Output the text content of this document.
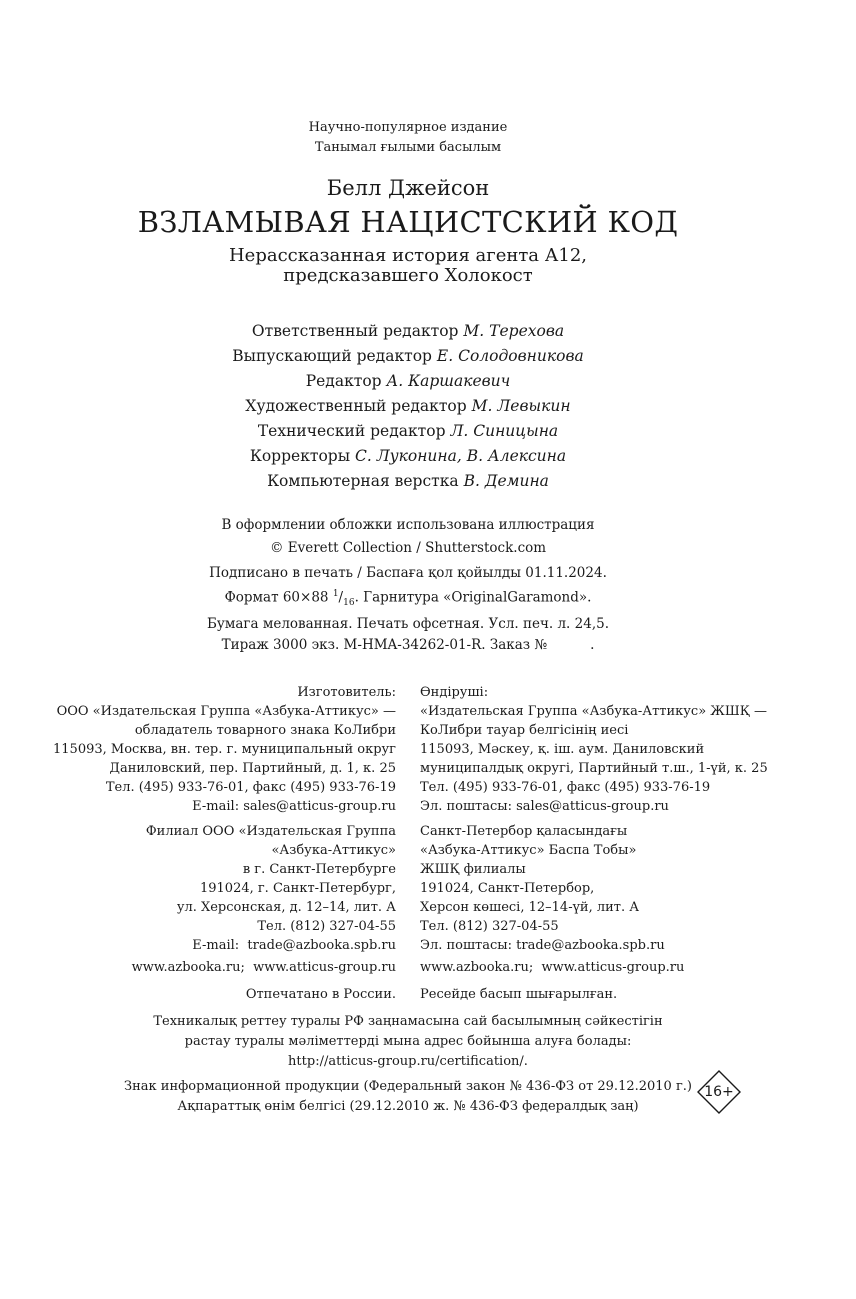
Научно-популярное издание
Танымал ғылыми басылым
Белл Джейсон
ВЗЛАМЫВАЯ НАЦИСТСКИЙ КОД
Нерассказанная история агента А12,
предсказавшего Холокост
Ответственный редактор М. Терехова
Выпускающий редактор Е. Солодовникова
Редактор А. Каршакевич
Художественный редактор М. Левыкин
Технический редактор Л. Синицына
Корректоры С. Луконина, В. Алексина
Компьютерная верстка В. Демина
В оформлении обложки использована иллюстрация
© Everett Collection / Shutterstock.com
Подписано в печать / Баспаға қол қойылды 01.11.2024.
Формат 60×88 $^1/_{16}$. Гарнитура «OriginalGaramond».
Бумага мелованная. Печать офсетная. Усл. печ. л. 24,5.
Тираж 3000 экз. M-HMA-34262-01-R. Заказ №          .
Изготовитель:
ООО «Издательская Группа «Азбука-Аттикус» —
обладатель товарного знака КоЛибри
115093, Москва, вн. тер. г. муниципальный округ
Даниловский, пер. Партийный, д. 1, к. 25
Тел. (495) 933-76-01, факс (495) 933-76-19
E-mail: sales@atticus-group.ru
Өндіруші:
«Издательская Группа «Азбука-Аттикус» ЖШҚ —
КоЛибри тауар белгісінің иесі
115093, Мәскеу, қ. іш. аум. Даниловский
муниципалдық округі, Партийный т.ш., 1-үй, к. 25
Тел. (495) 933-76-01, факс (495) 933-76-19
Эл. поштасы: sales@atticus-group.ru
Филиал ООО «Издательская Группа
«Азбука-Аттикус»
в г. Санкт-Петербурге
191024, г. Санкт-Петербург,
ул. Херсонская, д. 12–14, лит. А
Тел. (812) 327-04-55
E-mail:  trade@azbooka.spb.ru
Санкт-Петербор қаласындағы
«Азбука-Аттикус» Баспа Тобы»
ЖШҚ филиалы
191024, Санкт-Петербор,
Херсон көшесі, 12–14-үй, лит. А
Тел. (812) 327-04-55
Эл. поштасы: trade@azbooka.spb.ru
www.azbooka.ru;  www.atticus-group.ru www.azbooka.ru;  www.atticus-group.ru
Отпечатано в России. Ресейде басып шығарылған.
Техникалық реттеу туралы РФ заңнамасына сай басылымның сәйкестігін
растау туралы мәліметтерді мына адрес бойынша алуға болады:
http://atticus-group.ru/certification/.
Знак информационной продукции (Федеральный закон № 436-ФЗ от 29.12.2010 г.)
Ақпараттық өнім белгісі (29.12.2010 ж. № 436-ФЗ федералдық заң)
16+
